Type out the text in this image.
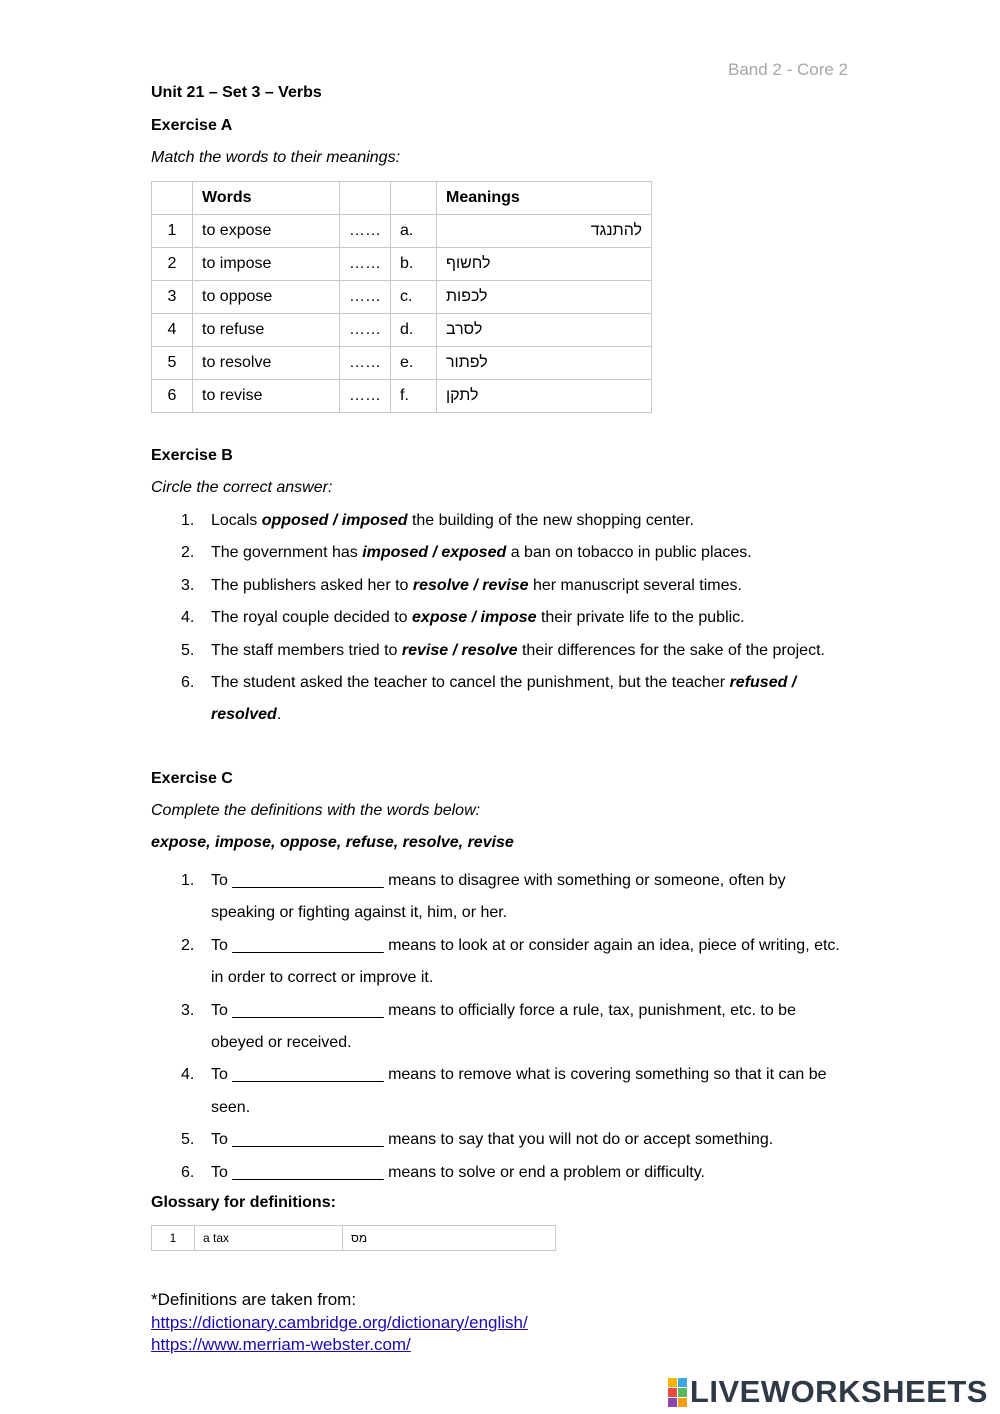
Band 2 - Core 2
Unit 21 – Set 3 – Verbs
Exercise A
Match the words to their meanings:
	Words			Meanings
1	to expose	……	a.	להתנגד
2	to impose	……	b.	לחשוף
3	to oppose	……	c.	לכפות
4	to refuse	……	d.	לסרב
5	to resolve	……	e.	לפתור
6	to revise	……	f.	לתקן
Exercise B
Circle the correct answer:
1. Locals opposed / imposed the building of the new shopping center.
2. The government has imposed / exposed a ban on tobacco in public places.
3. The publishers asked her to resolve / revise her manuscript several times.
4. The royal couple decided to expose / impose their private life to the public.
5. The staff members tried to revise / resolve their differences for the sake of the project.
6. The student asked the teacher to cancel the punishment, but the teacher refused /
resolved.
Exercise C
Complete the definitions with the words below:
expose, impose, oppose, refuse, resolve, revise
1. To _________________ means to disagree with something or someone, often by
speaking or fighting against it, him, or her.
2. To _________________ means to look at or consider again an idea, piece of writing, etc.
in order to correct or improve it.
3. To _________________ means to officially force a rule, tax, punishment, etc. to be
obeyed or received.
4. To _________________ means to remove what is covering something so that it can be
seen.
5. To _________________ means to say that you will not do or accept something.
6. To _________________ means to solve or end a problem or difficulty.
Glossary for definitions:
1	a tax	מס
*Definitions are taken from:
https://dictionary.cambridge.org/dictionary/english/
https://www.merriam-webster.com/
LIVEWORKSHEETS
